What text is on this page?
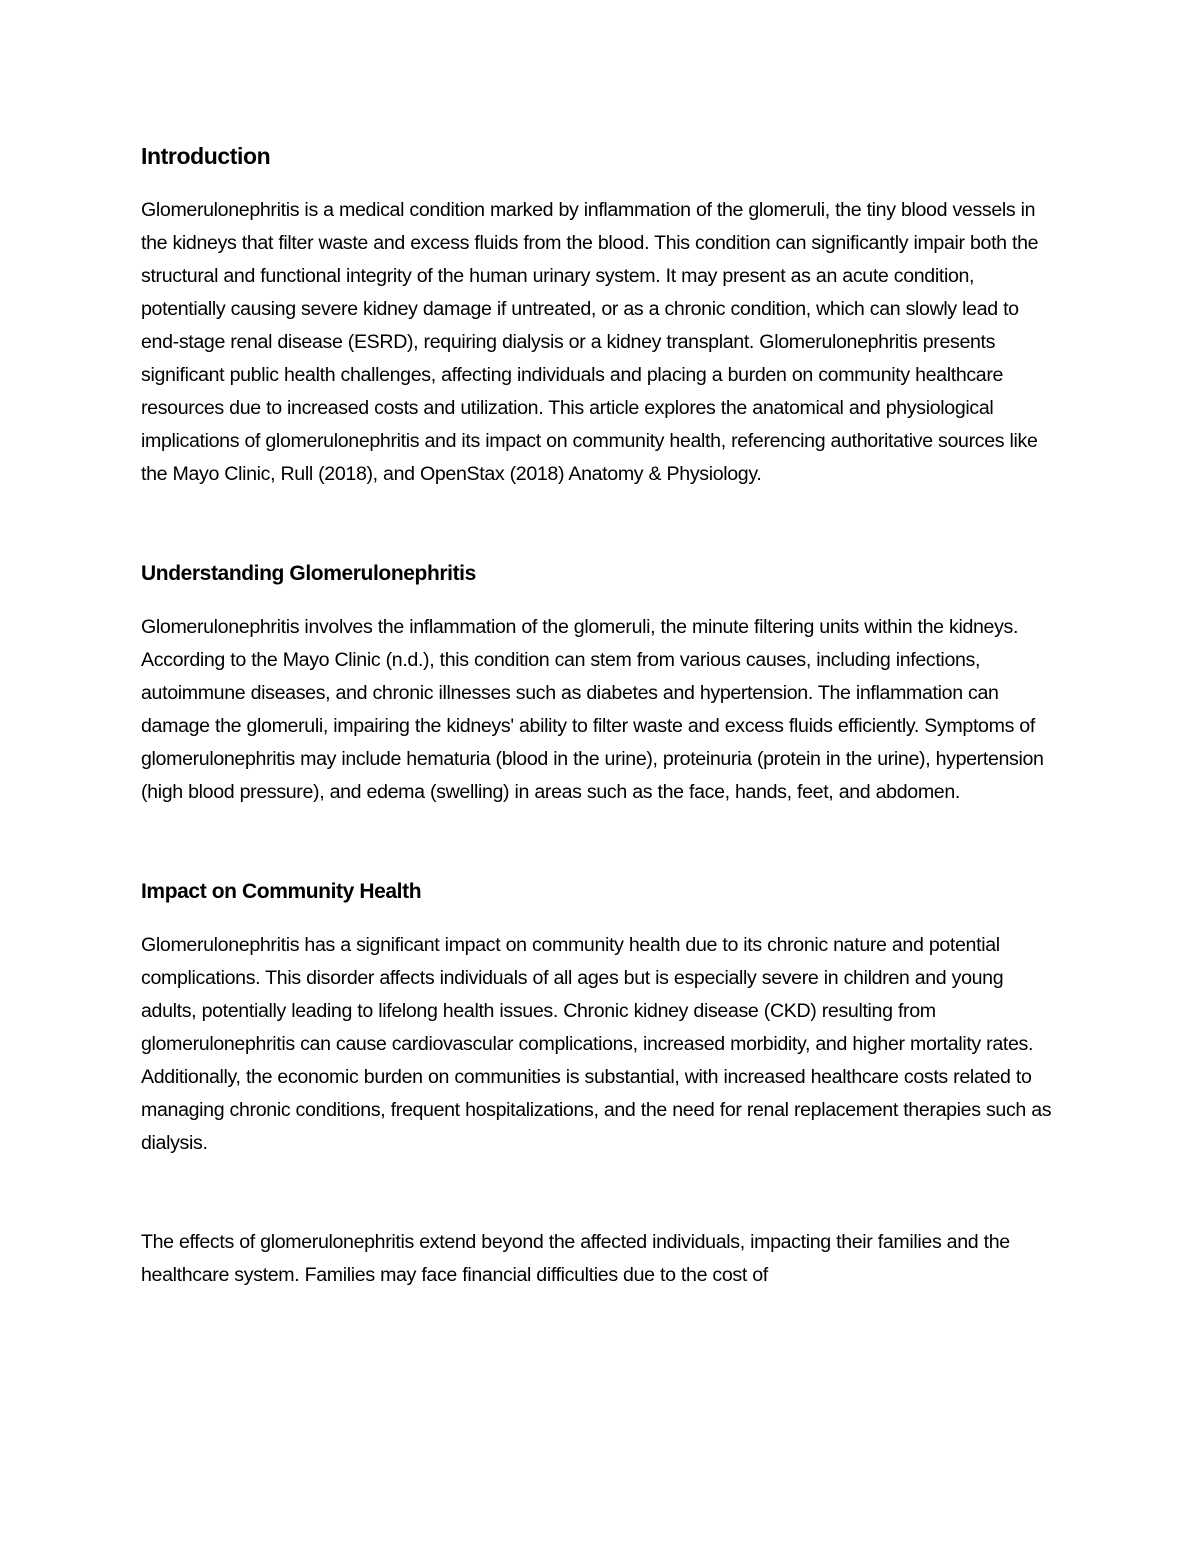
Introduction

Glomerulonephritis is a medical condition marked by inflammation of the glomeruli, the tiny blood vessels in the kidneys that filter waste and excess fluids from the blood. This condition can significantly impair both the structural and functional integrity of the human urinary system. It may present as an acute condition, potentially causing severe kidney damage if untreated, or as a chronic condition, which can slowly lead to end-stage renal disease (ESRD), requiring dialysis or a kidney transplant. Glomerulonephritis presents significant public health challenges, affecting individuals and placing a burden on community healthcare resources due to increased costs and utilization. This article explores the anatomical and physiological implications of glomerulonephritis and its impact on community health, referencing authoritative sources like the Mayo Clinic, Rull (2018), and OpenStax (2018) Anatomy & Physiology.

Understanding Glomerulonephritis

Glomerulonephritis involves the inflammation of the glomeruli, the minute filtering units within the kidneys. According to the Mayo Clinic (n.d.), this condition can stem from various causes, including infections, autoimmune diseases, and chronic illnesses such as diabetes and hypertension. The inflammation can damage the glomeruli, impairing the kidneys' ability to filter waste and excess fluids efficiently. Symptoms of glomerulonephritis may include hematuria (blood in the urine), proteinuria (protein in the urine), hypertension (high blood pressure), and edema (swelling) in areas such as the face, hands, feet, and abdomen.

Impact on Community Health

Glomerulonephritis has a significant impact on community health due to its chronic nature and potential complications. This disorder affects individuals of all ages but is especially severe in children and young adults, potentially leading to lifelong health issues. Chronic kidney disease (CKD) resulting from glomerulonephritis can cause cardiovascular complications, increased morbidity, and higher mortality rates. Additionally, the economic burden on communities is substantial, with increased healthcare costs related to managing chronic conditions, frequent hospitalizations, and the need for renal replacement therapies such as dialysis.

The effects of glomerulonephritis extend beyond the affected individuals, impacting their families and the healthcare system. Families may face financial difficulties due to the cost of
